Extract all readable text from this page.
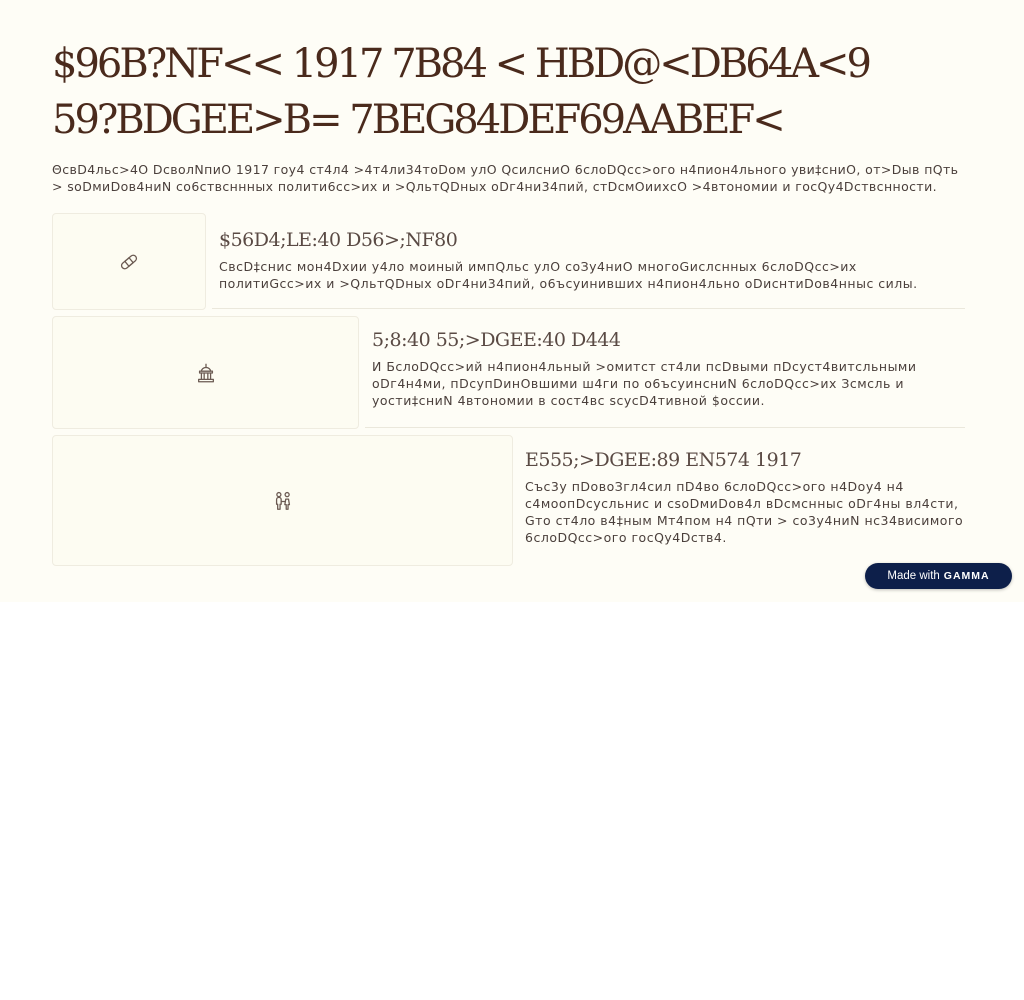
$96B?NF<< 1917 7B84 < HBD@<DB64A<9
59?BDGEE>B= 7BEG84DEF69AABEF<

ΘсвD4льс>4O DсволNпиO 1917 гоy4 ст4л4 >4т4ли34тоDом улO QсилсниO 6слоDQсс>ого н4пион4льного уви‡сниO, от>Dыв пQть > soDмиDов4ниN со6ствсннных полити6сс>их и >QльтQDных оDг4ни34пий, стDсмОиихсO >4втономии и госQy4Dствснности.

$56D4;LE:40 D56>;NF80

СвсD‡снис мон4Dхии y4ло моиный импQльс улO соЗу4ниO многоGислснных 6слоDQсс>их политиGсс>их и >QльтQDных оDг4ни34пий, о6ъсуинивших н4пион4льно оDиснтиDов4нныс силы.

5;8:40 55;>DGEE:40 D444

И БслоDQсс>ий н4пион4льный >омитст ст4ли псDвыми пDсуст4витсльными оDг4н4ми, пDсупDинОвшими ш4ги по о6ъсуинсниN 6слоDQсс>их Зсмсль и уости‡сниN 4втономии в сост4вс scусD4тивной $оссии.

E555;>DGEE:89 EN574 1917

Със3у пDовоЗгл4сил пD4во 6слоDQсс>ого н4Dоy4 н4 с4моопDсусльнис и csоDмиDов4л вDсмснныс оDг4ны вл4сти, Gто ст4ло в4‡ным Мт4пом н4 пQти > со3у4ниN нс34висимого 6слоDQсс>ого госQy4Dств4.

Made with GAMMA
